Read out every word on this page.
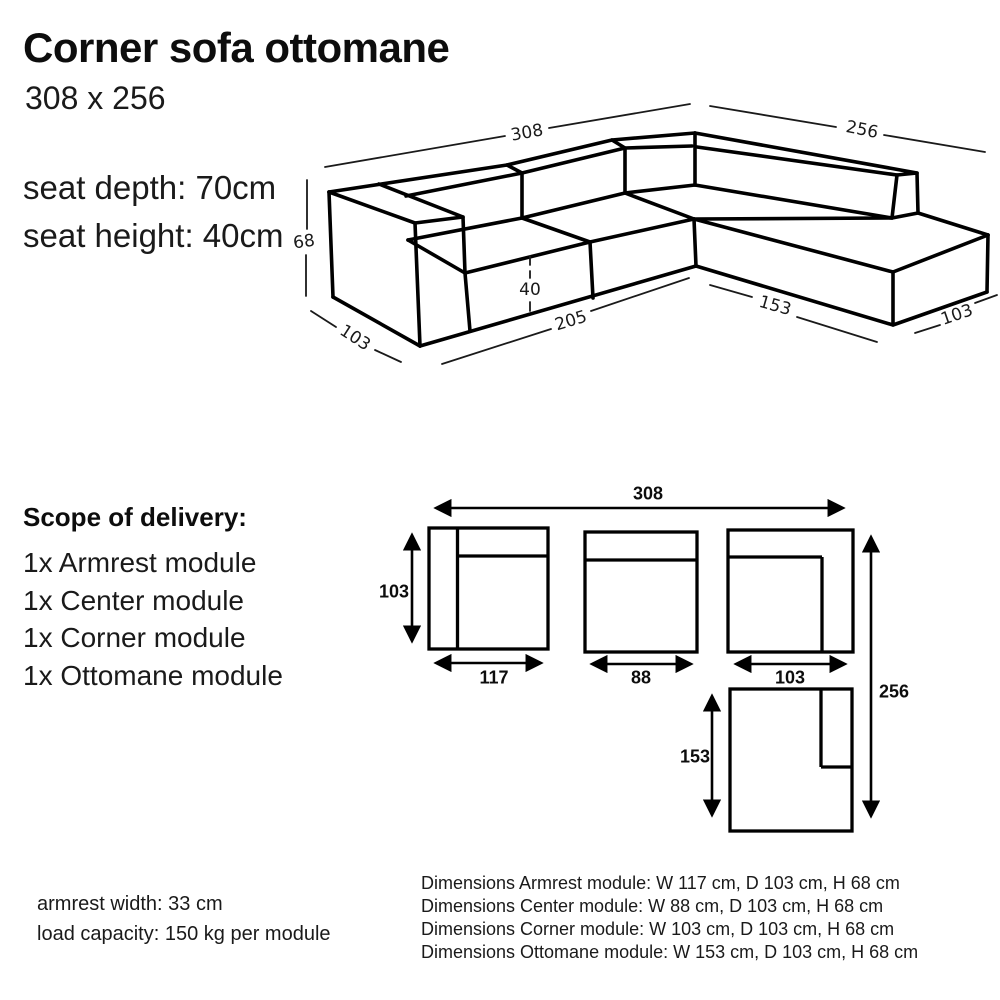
Corner sofa ottomane
308 x 256
seat depth: 70cm
seat height: 40cm
308	256
68
103
40
205
153	103
Scope of delivery:
1x Armrest module
1x Center module
1x Corner module
1x Ottomane module
308
103
117	88	103
256
153
armrest width: 33 cm
load capacity: 150 kg per module
Dimensions Armrest module: W 117 cm, D 103 cm, H 68 cm
Dimensions Center module: W 88 cm, D 103 cm, H 68 cm
Dimensions Corner module: W 103 cm, D 103 cm, H 68 cm
Dimensions Ottomane module: W 153 cm, D 103 cm, H 68 cm
